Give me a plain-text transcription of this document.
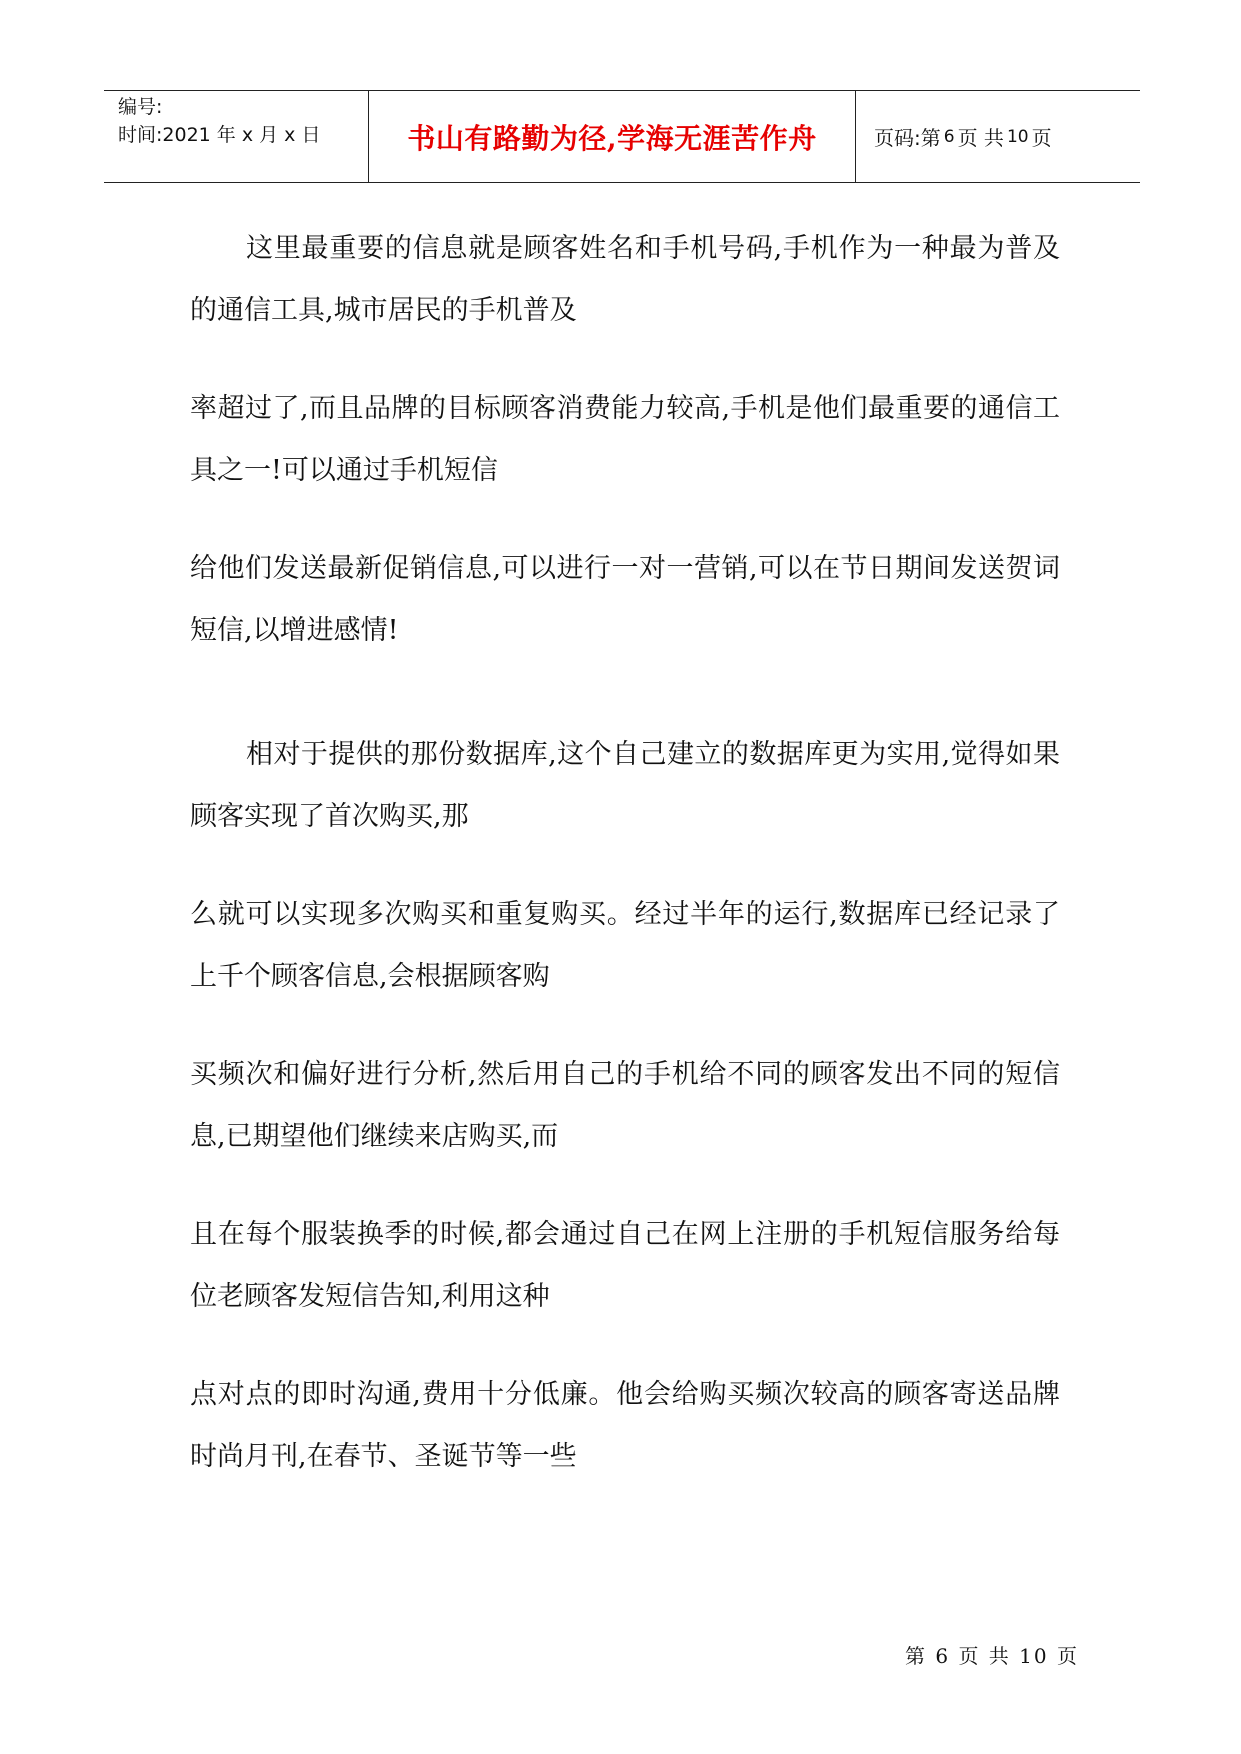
编号:
时间:2021 年 x 月 x 日	书山有路勤为径,学海无涯苦作舟	页码:第 6 页 共 10 页

这里最重要的信息就是顾客姓名和手机号码,手机作为一种最为普及的通信工具,城市居民的手机普及

率超过了,而且品牌的目标顾客消费能力较高,手机是他们最重要的通信工具之一!可以通过手机短信

给他们发送最新促销信息,可以进行一对一营销,可以在节日期间发送贺词短信,以增进感情!

相对于提供的那份数据库,这个自己建立的数据库更为实用,觉得如果顾客实现了首次购买,那

么就可以实现多次购买和重复购买。经过半年的运行,数据库已经记录了上千个顾客信息,会根据顾客购

买频次和偏好进行分析,然后用自己的手机给不同的顾客发出不同的短信息,已期望他们继续来店购买,而

且在每个服装换季的时候,都会通过自己在网上注册的手机短信服务给每位老顾客发短信告知,利用这种

点对点的即时沟通,费用十分低廉。他会给购买频次较高的顾客寄送品牌时尚月刊,在春节、圣诞节等一些

第 6 页 共 10 页
